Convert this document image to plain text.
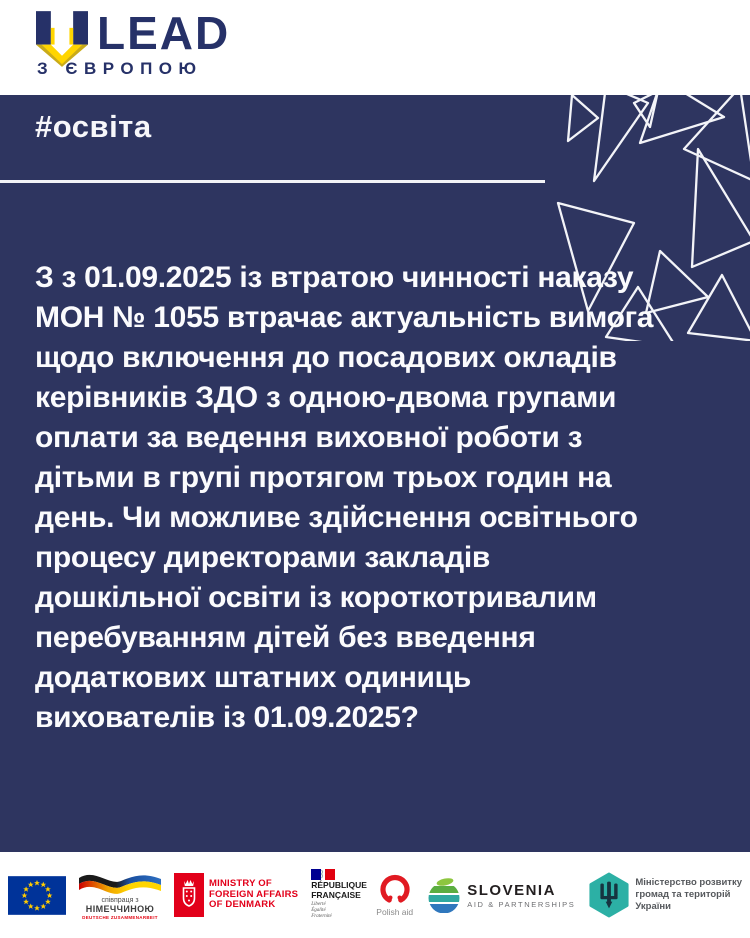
LEAD
З ЄВРОПОЮ
#освіта
З з 01.09.2025 із втратою чинності наказу
МОН № 1055 втрачає актуальність вимога
щодо включення до посадових окладів
керівників ЗДО з одною-двома групами
оплати за ведення виховної роботи з
дітьми в групі протягом трьох годин на
день. Чи можливе здійснення освітнього
процесу директорами закладів
дошкільної освіти із короткотривалим
перебуванням дітей без введення
додаткових штатних одиниць
вихователів із 01.09.2025?
співпраця з
НІМЕЧЧИНОЮ
DEUTSCHE ZUSAMMENARBEIT
MINISTRY OF
FOREIGN AFFAIRS
OF DENMARK
RÉPUBLIQUE
FRANÇAISE
Liberté
Égalité
Fraternité
Polish aid
SLOVENIA
AID & PARTNERSHIPS
Міністерство розвитку
громад та територій
України
